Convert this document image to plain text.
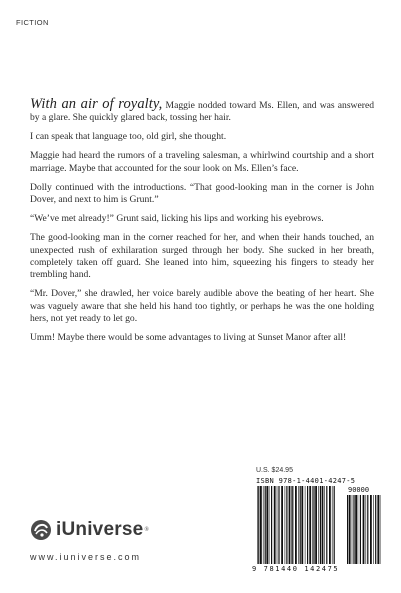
FICTION

With an air of royalty, Maggie nodded toward Ms. Ellen, and was answered by a glare. She quickly glared back, tossing her hair.

I can speak that language too, old girl, she thought.

Maggie had heard the rumors of a traveling salesman, a whirlwind courtship and a short marriage. Maybe that accounted for the sour look on Ms. Ellen’s face.

Dolly continued with the introductions. “That good-looking man in the corner is John Dover, and next to him is Grunt.”

“We’ve met already!” Grunt said, licking his lips and working his eyebrows.

The good-looking man in the corner reached for her, and when their hands touched, an unexpected rush of exhilaration surged through her body. She sucked in her breath, completely taken off guard. She leaned into him, squeezing his fingers to steady her trembling hand.

“Mr. Dover,” she drawled, her voice barely audible above the beating of her heart. She was vaguely aware that she held his hand too tightly, or perhaps he was the one holding hers, not yet ready to let go.

Umm! Maybe there would be some advantages to living at Sunset Manor after all!

U.S. $24.95
ISBN 978-1-4401-4247-5
90000
9 781440 142475
iUniverse ®
www.iuniverse.com
